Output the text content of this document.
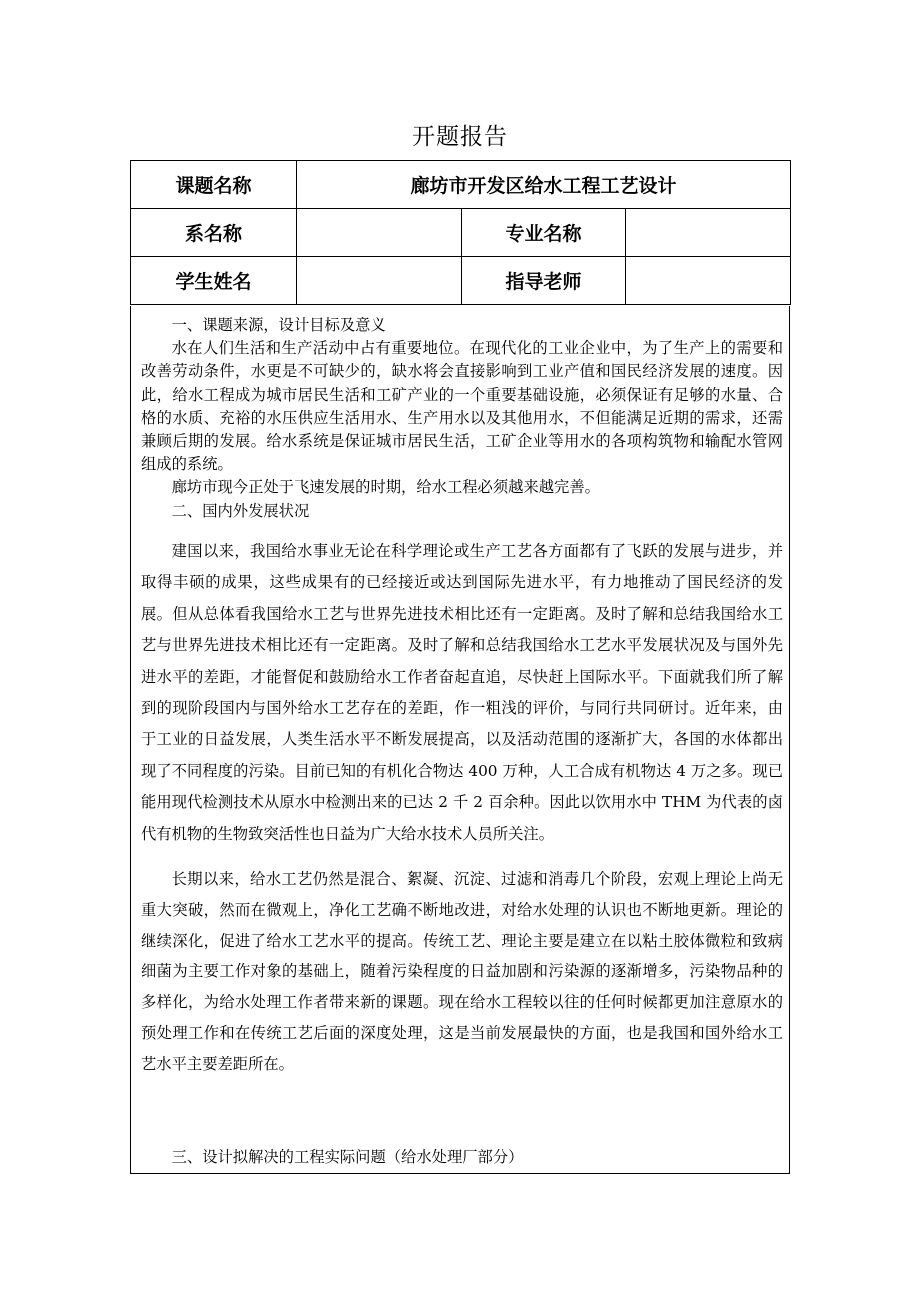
开题报告
课题名称	廊坊市开发区给水工程工艺设计		
系名称		专业名称	
学生姓名		指导老师	

一、课题来源，设计目标及意义

水在人们生活和生产活动中占有重要地位。在现代化的工业企业中，为了生产上的需要和改善劳动条件，水更是不可缺少的，缺水将会直接影响到工业产值和国民经济发展的速度。因此，给水工程成为城市居民生活和工矿产业的一个重要基础设施，必须保证有足够的水量、合格的水质、充裕的水压供应生活用水、生产用水以及其他用水，不但能满足近期的需求，还需兼顾后期的发展。给水系统是保证城市居民生活，工矿企业等用水的各项构筑物和输配水管网组成的系统。

廊坊市现今正处于飞速发展的时期，给水工程必须越来越完善。

二、国内外发展状况

建国以来，我国给水事业无论在科学理论或生产工艺各方面都有了飞跃的发展与进步，并取得丰硕的成果，这些成果有的已经接近或达到国际先进水平，有力地推动了国民经济的发展。但从总体看我国给水工艺与世界先进技术相比还有一定距离。及时了解和总结我国给水工艺与世界先进技术相比还有一定距离。及时了解和总结我国给水工艺水平发展状况及与国外先进水平的差距，才能督促和鼓励给水工作者奋起直追，尽快赶上国际水平。下面就我们所了解到的现阶段国内与国外给水工艺存在的差距，作一粗浅的评价，与同行共同研讨。近年来，由于工业的日益发展，人类生活水平不断发展提高，以及活动范围的逐渐扩大，各国的水体都出现了不同程度的污染。目前已知的有机化合物达 400 万种，人工合成有机物达 4 万之多。现已能用现代检测技术从原水中检测出来的已达 2 千 2 百余种。因此以饮用水中 THM 为代表的卤代有机物的生物致突活性也日益为广大给水技术人员所关注。

长期以来，给水工艺仍然是混合、絮凝、沉淀、过滤和消毒几个阶段，宏观上理论上尚无重大突破，然而在微观上，净化工艺确不断地改进，对给水处理的认识也不断地更新。理论的继续深化，促进了给水工艺水平的提高。传统工艺、理论主要是建立在以粘土胶体微粒和致病细菌为主要工作对象的基础上，随着污染程度的日益加剧和污染源的逐渐增多，污染物品种的多样化，为给水处理工作者带来新的课题。现在给水工程较以往的任何时候都更加注意原水的预处理工作和在传统工艺后面的深度处理，这是当前发展最快的方面，也是我国和国外给水工艺水平主要差距所在。

三、设计拟解决的工程实际问题（给水处理厂部分）
